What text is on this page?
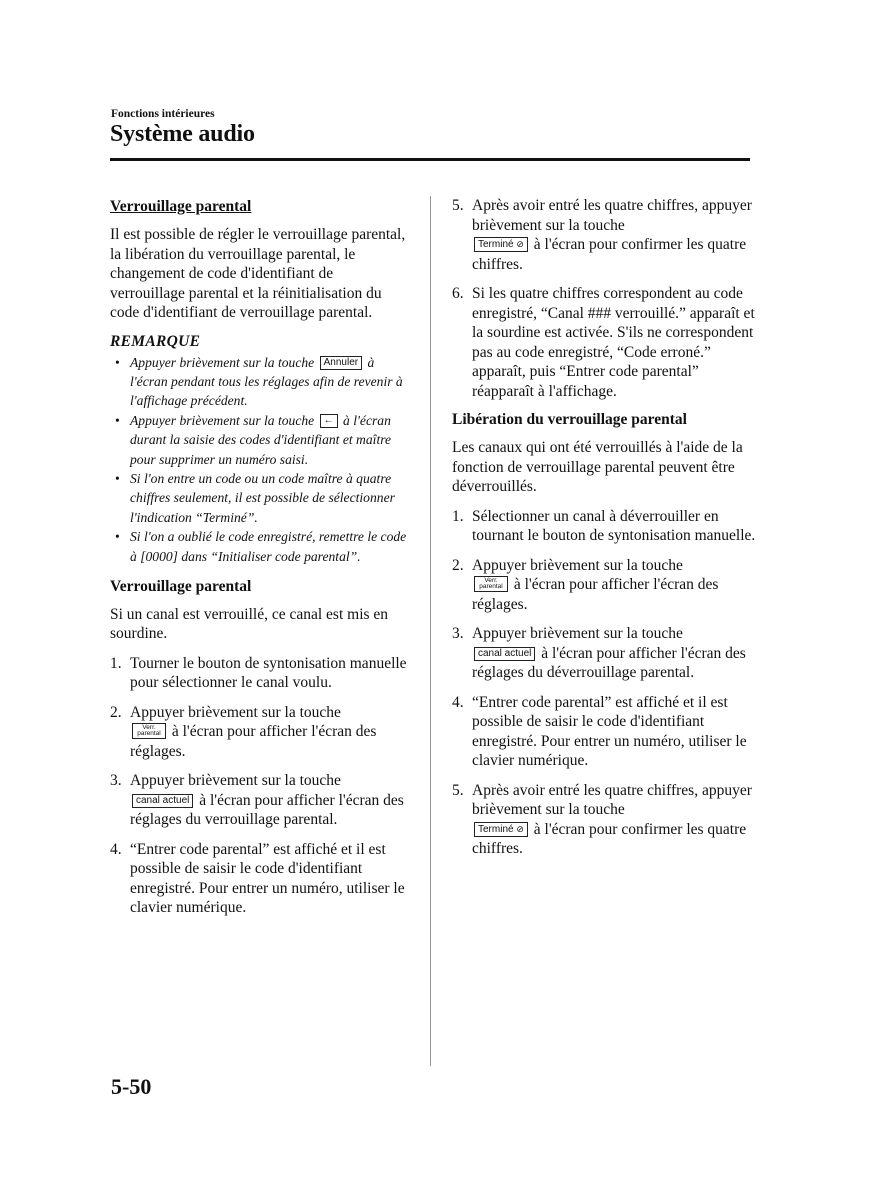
Fonctions intérieures
Système audio
Verrouillage parental

Il est possible de régler le verrouillage parental, la libération du verrouillage parental, le changement de code d'identifiant de verrouillage parental et la réinitialisation du code d'identifiant de verrouillage parental.

REMARQUE
• Appuyer brièvement sur la touche Annuler à l'écran pendant tous les réglages afin de revenir à l'affichage précédent.
• Appuyer brièvement sur la touche ← à l'écran durant la saisie des codes d'identifiant et maître pour supprimer un numéro saisi.
• Si l'on entre un code ou un code maître à quatre chiffres seulement, il est possible de sélectionner l'indication “Terminé”.
• Si l'on a oublié le code enregistré, remettre le code à [0000] dans “Initialiser code parental”.
Verrouillage parental

Si un canal est verrouillé, ce canal est mis en sourdine.

1. Tourner le bouton de syntonisation manuelle pour sélectionner le canal voulu.
2. Appuyer brièvement sur la touche
Verr.
parental à l'écran pour afficher l'écran des réglages.
3. Appuyer brièvement sur la touche
canal actuel à l'écran pour afficher l'écran des réglages du verrouillage parental.
4. “Entrer code parental” est affiché et il est possible de saisir le code d'identifiant enregistré. Pour entrer un numéro, utiliser le clavier numérique.
5. Après avoir entré les quatre chiffres, appuyer brièvement sur la touche
Terminé ⊘ à l'écran pour confirmer les quatre chiffres.
6. Si les quatre chiffres correspondent au code enregistré, “Canal ### verrouillé.” apparaît et la sourdine est activée. S'ils ne correspondent pas au code enregistré, “Code erroné.” apparaît, puis “Entrer code parental” réapparaît à l'affichage.
Libération du verrouillage parental

Les canaux qui ont été verrouillés à l'aide de la fonction de verrouillage parental peuvent être déverrouillés.

1. Sélectionner un canal à déverrouiller en tournant le bouton de syntonisation manuelle.
2. Appuyer brièvement sur la touche
Verr.
parental à l'écran pour afficher l'écran des réglages.
3. Appuyer brièvement sur la touche
canal actuel à l'écran pour afficher l'écran des réglages du déverrouillage parental.
4. “Entrer code parental” est affiché et il est possible de saisir le code d'identifiant enregistré. Pour entrer un numéro, utiliser le clavier numérique.
5. Après avoir entré les quatre chiffres, appuyer brièvement sur la touche
Terminé ⊘ à l'écran pour confirmer les quatre chiffres.
5-50
